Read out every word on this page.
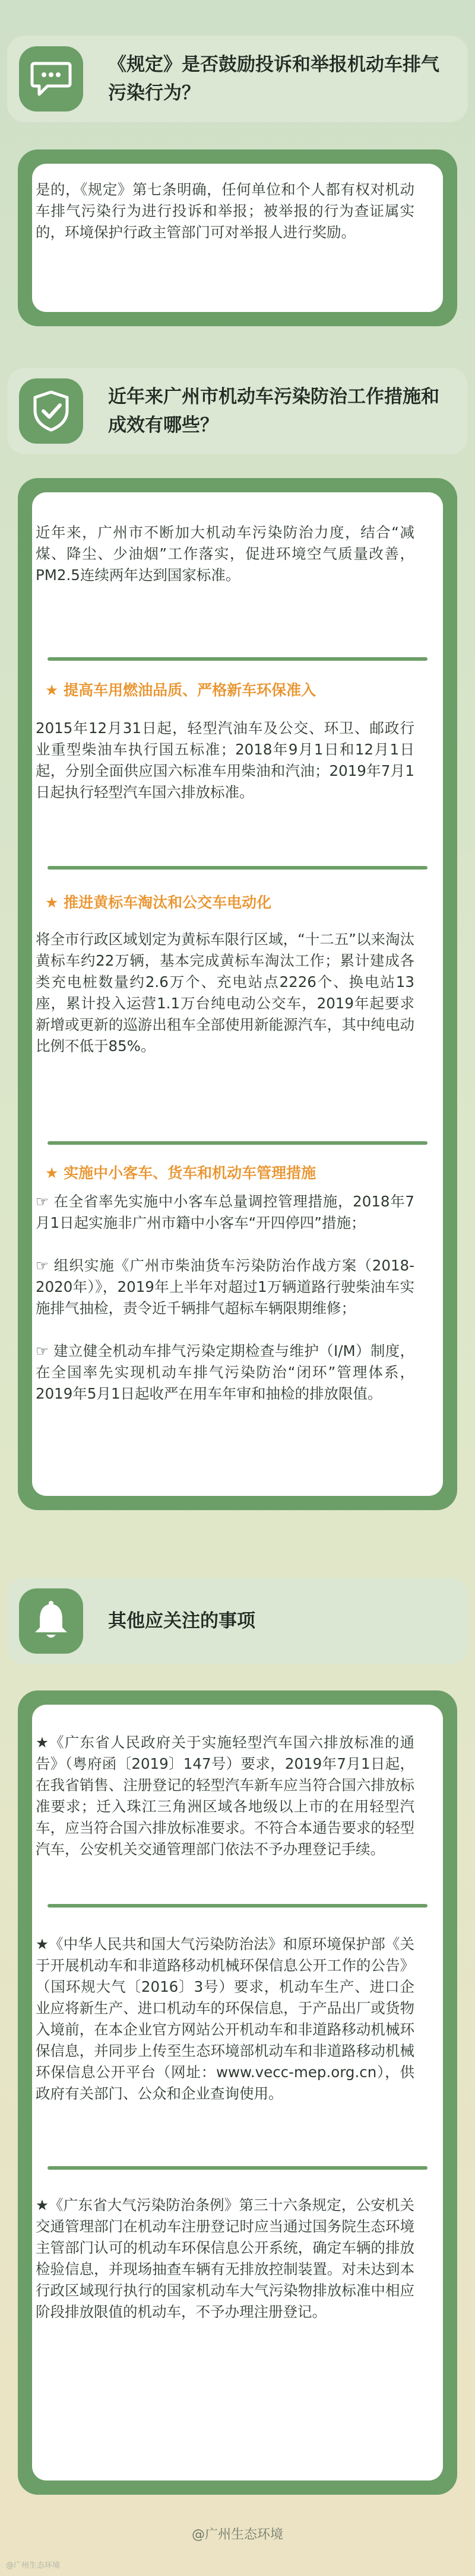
《规定》是否鼓励投诉和举报机动车排气污染行为？
是的，《规定》第七条明确，任何单位和个人都有权对机动车排气污染行为进行投诉和举报；被举报的行为查证属实的，环境保护行政主管部门可对举报人进行奖励。
近年来广州市机动车污染防治工作措施和成效有哪些？
近年来，广州市不断加大机动车污染防治力度，结合“减煤、降尘、少油烟”工作落实，促进环境空气质量改善，PM2.5连续两年达到国家标准。
★ 提高车用燃油品质、严格新车环保准入
2015年12月31日起，轻型汽油车及公交、环卫、邮政行业重型柴油车执行国五标准；2018年9月1日和12月1日起，分别全面供应国六标准车用柴油和汽油；2019年7月1日起执行轻型汽车国六排放标准。
★ 推进黄标车淘汰和公交车电动化
将全市行政区域划定为黄标车限行区域，“十二五”以来淘汰黄标车约22万辆，基本完成黄标车淘汰工作；累计建成各类充电桩数量约2.6万个、充电站点2226个、换电站13座，累计投入运营1.1万台纯电动公交车，2019年起要求新增或更新的巡游出租车全部使用新能源汽车，其中纯电动比例不低于85%。
★ 实施中小客车、货车和机动车管理措施
☞ 在全省率先实施中小客车总量调控管理措施，2018年7月1日起实施非广州市籍中小客车“开四停四”措施；
☞ 组织实施《广州市柴油货车污染防治作战方案（2018-2020年）》，2019年上半年对超过1万辆道路行驶柴油车实施排气抽检，责令近千辆排气超标车辆限期维修；
☞ 建立健全机动车排气污染定期检查与维护（I/M）制度，在全国率先实现机动车排气污染防治“闭环”管理体系，2019年5月1日起收严在用车年审和抽检的排放限值。
其他应关注的事项
★《广东省人民政府关于实施轻型汽车国六排放标准的通告》（粤府函〔2019〕147号）要求，2019年7月1日起，在我省销售、注册登记的轻型汽车新车应当符合国六排放标准要求；迁入珠江三角洲区域各地级以上市的在用轻型汽车，应当符合国六排放标准要求。不符合本通告要求的轻型汽车，公安机关交通管理部门依法不予办理登记手续。
★《中华人民共和国大气污染防治法》和原环境保护部《关于开展机动车和非道路移动机械环保信息公开工作的公告》（国环规大气〔2016〕3号）要求，机动车生产、进口企业应将新生产、进口机动车的环保信息，于产品出厂或货物入境前，在本企业官方网站公开机动车和非道路移动机械环保信息，并同步上传至生态环境部机动车和非道路移动机械环保信息公开平台（网址：www.vecc-mep.org.cn），供政府有关部门、公众和企业查询使用。
★《广东省大气污染防治条例》第三十六条规定，公安机关交通管理部门在机动车注册登记时应当通过国务院生态环境主管部门认可的机动车环保信息公开系统，确定车辆的排放检验信息，并现场抽查车辆有无排放控制装置。对未达到本行政区域现行执行的国家机动车大气污染物排放标准中相应阶段排放限值的机动车，不予办理注册登记。
@广州生态环境
@广州生态环境
